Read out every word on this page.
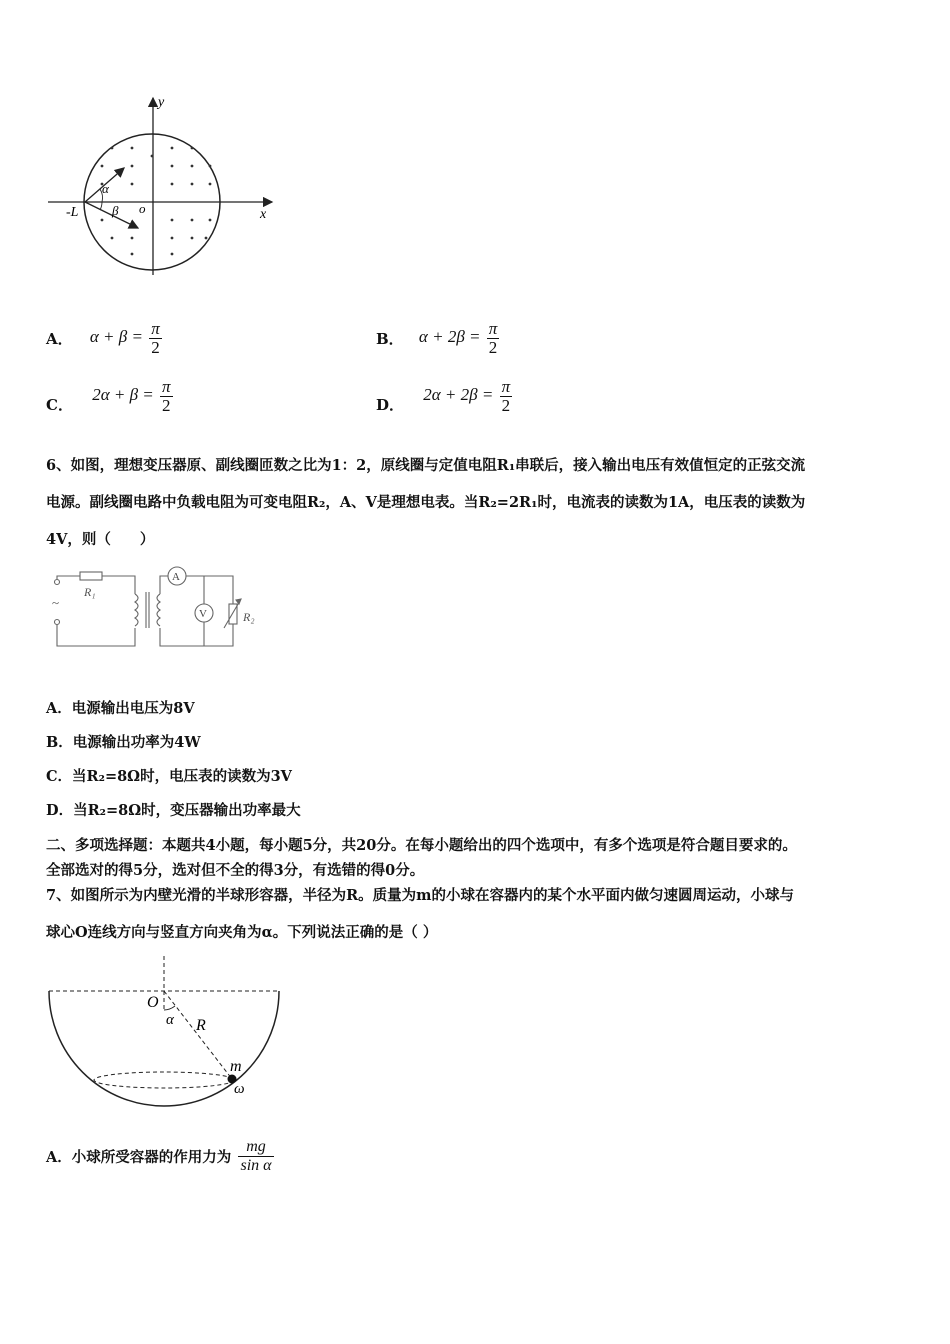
y
x
-L	o
α
β
A． $\alpha + \beta = \frac{\pi}{2}$	B． $\alpha + 2\beta = \frac{\pi}{2}$
C． $2\alpha + \beta = \frac{\pi}{2}$	D． $2\alpha + 2\beta = \frac{\pi}{2}$
6、如图，理想变压器原、副线圈匝数之比为1：2，原线圈与定值电阻R₁串联后，接入输出电压有效值恒定的正弦交流
电源。副线圈电路中负载电阻为可变电阻R₂，A、V是理想电表。当R₂=2R₁时，电流表的读数为1A，电压表的读数为
4V，则（　　）
~
R₁
A
V	R₂
A．电源输出电压为8V
B．电源输出功率为4W
C．当R₂=8Ω时，电压表的读数为3V
D．当R₂=8Ω时，变压器输出功率最大
二、多项选择题：本题共4小题，每小题5分，共20分。在每小题给出的四个选项中，有多个选项是符合题目要求的。
全部选对的得5分，选对但不全的得3分，有选错的得0分。
7、如图所示为内壁光滑的半球形容器，半径为R。质量为m的小球在容器内的某个水平面内做匀速圆周运动，小球与
球心O连线方向与竖直方向夹角为α。下列说法正确的是（ ）
O
α R
m
ω
A．小球所受容器的作用力为 $\frac{mg}{\text{sin α}}$
